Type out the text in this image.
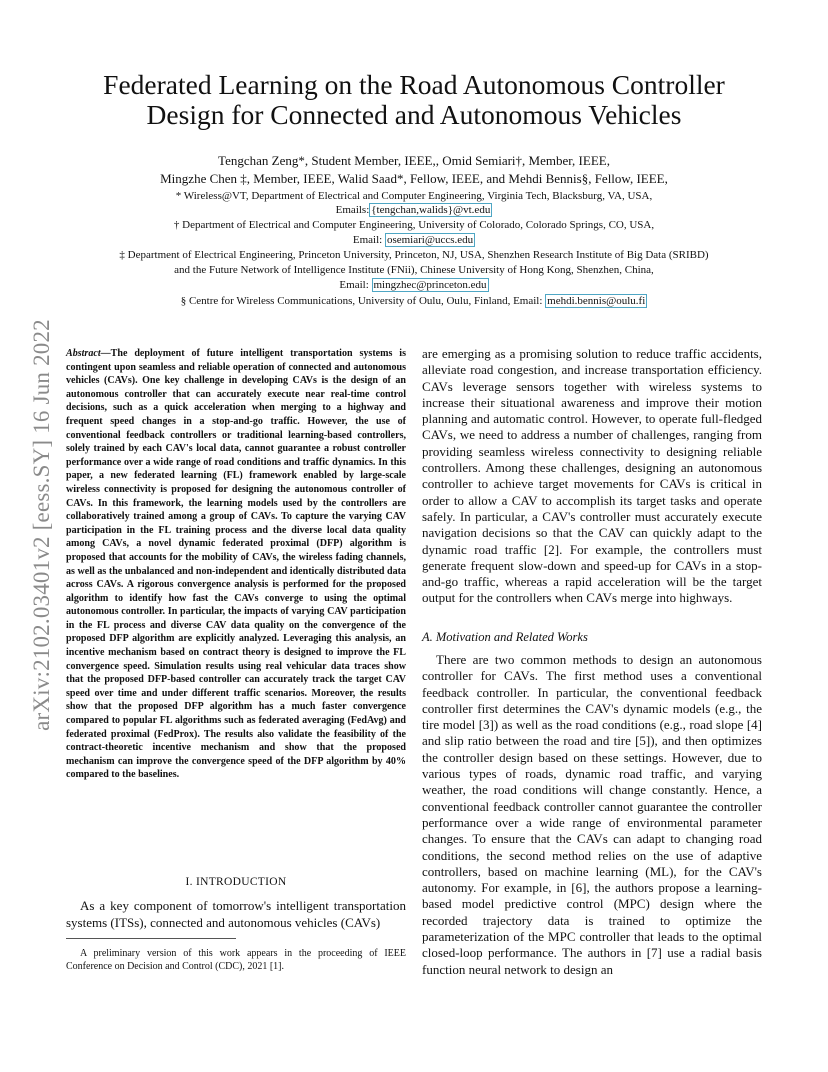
arXiv:2102.03401v2 [eess.SY] 16 Jun 2022
Federated Learning on the Road Autonomous Controller
Design for Connected and Autonomous Vehicles
Tengchan Zeng*, Student Member, IEEE,, Omid Semiari†, Member, IEEE,
Mingzhe Chen ‡, Member, IEEE, Walid Saad*, Fellow, IEEE, and Mehdi Bennis§, Fellow, IEEE,
* Wireless@VT, Department of Electrical and Computer Engineering, Virginia Tech, Blacksburg, VA, USA,
Emails: {tengchan,walids}@vt.edu
† Department of Electrical and Computer Engineering, University of Colorado, Colorado Springs, CO, USA,
Email: osemiari@uccs.edu
‡ Department of Electrical Engineering, Princeton University, Princeton, NJ, USA, Shenzhen Research Institute of Big Data (SRIBD)
and the Future Network of Intelligence Institute (FNii), Chinese University of Hong Kong, Shenzhen, China,
Email: mingzhec@princeton.edu
§ Centre for Wireless Communications, University of Oulu, Oulu, Finland, Email: mehdi.bennis@oulu.fi
Abstract—The deployment of future intelligent transportation systems is contingent upon seamless and reliable operation of connected and autonomous vehicles (CAVs). One key challenge in developing CAVs is the design of an autonomous controller that can accurately execute near real-time control decisions, such as a quick acceleration when merging to a highway and frequent speed changes in a stop-and-go traffic. However, the use of conventional feedback controllers or traditional learning-based controllers, solely trained by each CAV's local data, cannot guarantee a robust controller performance over a wide range of road conditions and traffic dynamics. In this paper, a new federated learning (FL) framework enabled by large-scale wireless connectivity is proposed for designing the autonomous controller of CAVs. In this framework, the learning models used by the controllers are collaboratively trained among a group of CAVs. To capture the varying CAV participation in the FL training process and the diverse local data quality among CAVs, a novel dynamic federated proximal (DFP) algorithm is proposed that accounts for the mobility of CAVs, the wireless fading channels, as well as the unbalanced and non-independent and identically distributed data across CAVs. A rigorous convergence analysis is performed for the proposed algorithm to identify how fast the CAVs converge to using the optimal autonomous controller. In particular, the impacts of varying CAV participation in the FL process and diverse CAV data quality on the convergence of the proposed DFP algorithm are explicitly analyzed. Leveraging this analysis, an incentive mechanism based on contract theory is designed to improve the FL convergence speed. Simulation results using real vehicular data traces show that the proposed DFP-based controller can accurately track the target CAV speed over time and under different traffic scenarios. Moreover, the results show that the proposed DFP algorithm has a much faster convergence compared to popular FL algorithms such as federated averaging (FedAvg) and federated proximal (FedProx). The results also validate the feasibility of the contract-theoretic incentive mechanism and show that the proposed mechanism can improve the convergence speed of the DFP algorithm by 40% compared to the baselines.
I. INTRODUCTION
As a key component of tomorrow's intelligent transportation systems (ITSs), connected and autonomous vehicles (CAVs)
A preliminary version of this work appears in the proceeding of IEEE Conference on Decision and Control (CDC), 2021 [1].
are emerging as a promising solution to reduce traffic accidents, alleviate road congestion, and increase transportation efficiency. CAVs leverage sensors together with wireless systems to increase their situational awareness and improve their motion planning and automatic control. However, to operate full-fledged CAVs, we need to address a number of challenges, ranging from providing seamless wireless connectivity to designing reliable controllers. Among these challenges, designing an autonomous controller to achieve target movements for CAVs is critical in order to allow a CAV to accomplish its target tasks and operate safely. In particular, a CAV's controller must accurately execute navigation decisions so that the CAV can quickly adapt to the dynamic road traffic [2]. For example, the controllers must generate frequent slow-down and speed-up for CAVs in a stop-and-go traffic, whereas a rapid acceleration will be the target output for the controllers when CAVs merge into highways.
A. Motivation and Related Works
There are two common methods to design an autonomous controller for CAVs. The first method uses a conventional feedback controller. In particular, the conventional feedback controller first determines the CAV's dynamic models (e.g., the tire model [3]) as well as the road conditions (e.g., road slope [4] and slip ratio between the road and tire [5]), and then optimizes the controller design based on these settings. However, due to various types of roads, dynamic road traffic, and varying weather, the road conditions will change constantly. Hence, a conventional feedback controller cannot guarantee the controller performance over a wide range of environmental parameter changes. To ensure that the CAVs can adapt to changing road conditions, the second method relies on the use of adaptive controllers, based on machine learning (ML), for the CAV's autonomy. For example, in [6], the authors propose a learning-based model predictive control (MPC) design where the recorded trajectory data is trained to optimize the parameterization of the MPC controller that leads to the optimal closed-loop performance. The authors in [7] use a radial basis function neural network to design an
